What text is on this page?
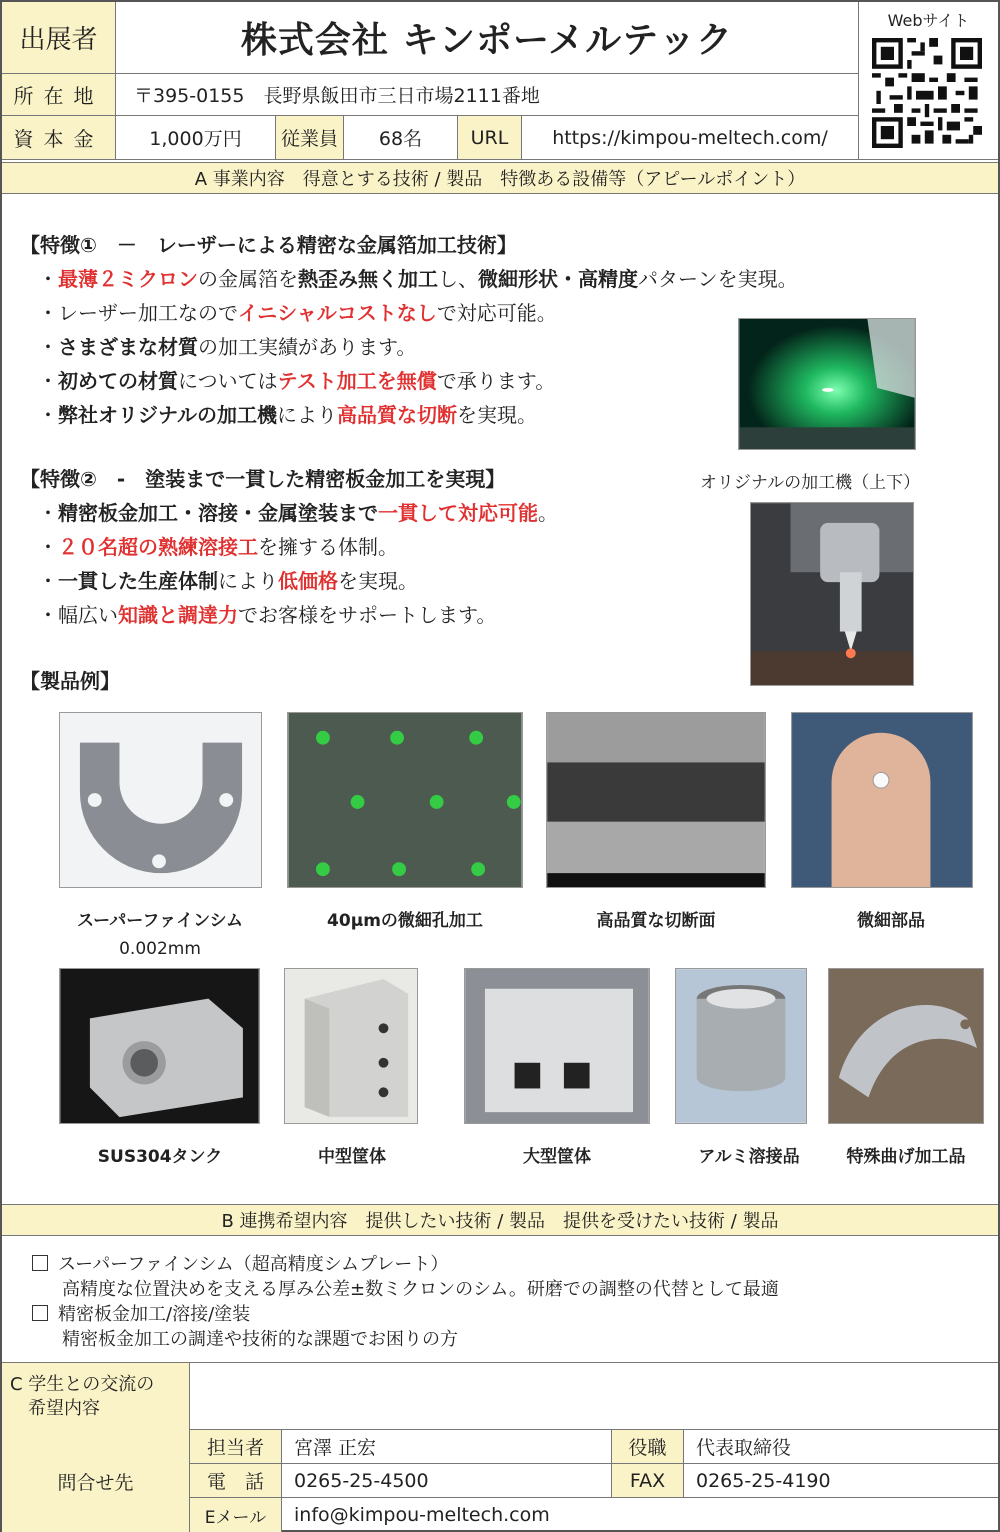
出展者	株式会社 キンポーメルテック	Webサイト
所在地	〒395-0155　長野県飯田市三日市場2111番地
資本金	1,000万円	従業員	68名	URL	https://kimpou-meltech.com/
A 事業内容　得意とする技術 / 製品　特徴ある設備等（アピールポイント）
【特徴①　－　レーザーによる精密な金属箔加工技術】
・ 最薄２ミクロン の金属箔を 熱歪み無く加工 し、 微細形状・高精度 パターンを実現。
・レーザー加工なので イニシャルコストなし で対応可能。
・ さまざまな材質 の加工実績があります。
・ 初めての材質 については テスト加工を無償 で承ります。
・ 弊社オリジナルの加工機 により 高品質な切断 を実現。
オリジナルの加工機（上下）
【特徴②　-　塗装まで一貫した精密板金加工を実現】
・ 精密板金加工・溶接・金属塗装まで 一貫して対応可能 。
・ ２０名超の熟練溶接工 を擁する体制。
・ 一貫した生産体制 により 低価格 を実現。
・幅広い 知識と調達力 でお客様をサポートします。
【製品例】
スーパーファインシム	40μmの微細孔加工	高品質な切断面	微細部品
0.002mm
SUS304タンク	中型筐体	大型筐体	アルミ溶接品	特殊曲げ加工品
B 連携希望内容　提供したい技術 / 製品　提供を受けたい技術 / 製品
スーパーファインシム（超高精度シムプレート）
高精度な位置決めを支える厚み公差±数ミクロンのシム。研磨での調整の代替として最適
精密板金加工/溶接/塗装
精密板金加工の調達や技術的な課題でお困りの方
C 学生との交流の
希望内容
問合せ先
担当者	宮澤 正宏	役職	代表取締役
電　話	0265-25-4500	FAX	0265-25-4190
Eメール	info@kimpou-meltech.com
